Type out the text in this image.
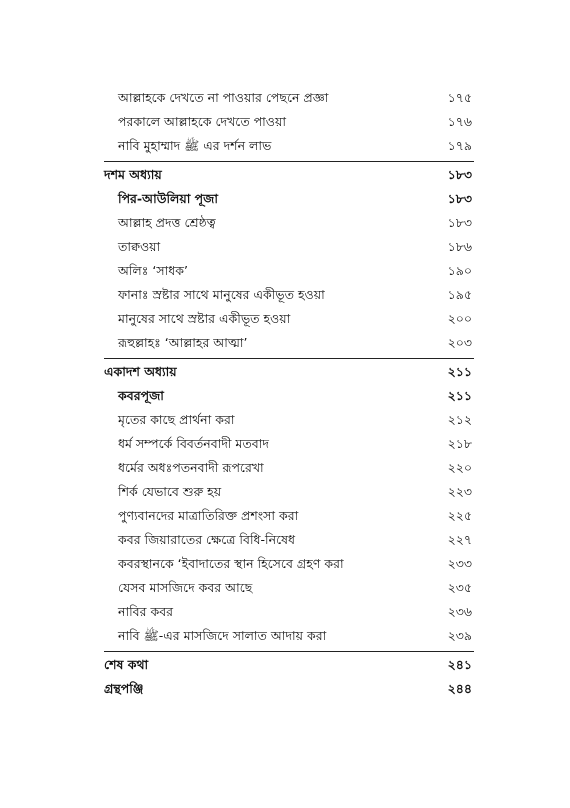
আল্লাহকে দেখতে না পাওয়ার পেছনে প্রজ্ঞা	১৭৫
পরকালে আল্লাহকে দেখতে পাওয়া	১৭৬
নাবি মুহাম্মাদ ﷺ এর দর্শন লাভ	১৭৯
দশম অধ্যায়	১৮৩
পির-আউলিয়া পূজা	১৮৩
আল্লাহ প্রদত্ত শ্রেষ্ঠত্ব	১৮৩
তাক্বওয়া	১৮৬
অলিঃ ‘সাধক’	১৯০
ফানাঃ স্রষ্টার সাথে মানুষের একীভূত হওয়া	১৯৫
মানুষের সাথে স্রষ্টার একীভূত হওয়া	২০০
রূহুল্লাহঃ ‘আল্লাহর আত্মা’	২০৩
একাদশ অধ্যায়	২১১
কবরপূজা	২১১
মৃতের কাছে প্রার্থনা করা	২১২
ধর্ম সম্পর্কে বিবর্তনবাদী মতবাদ	২১৮
ধর্মের অধঃপতনবাদী রূপরেখা	২২০
শির্ক যেভাবে শুরু হয়	২২৩
পুণ্যবানদের মাত্রাতিরিক্ত প্রশংসা করা	২২৫
কবর জিয়ারাতের ক্ষেত্রে বিধি-নিষেধ	২২৭
কবরস্থানকে ‘ইবাদাতের স্থান হিসেবে গ্রহণ করা	২৩৩
যেসব মাসজিদে কবর আছে	২৩৫
নাবির কবর	২৩৬
নাবি ﷺ-এর মাসজিদে সালাত আদায় করা	২৩৯
শেষ কথা	২৪১
গ্রন্থপঞ্জি	২৪৪
